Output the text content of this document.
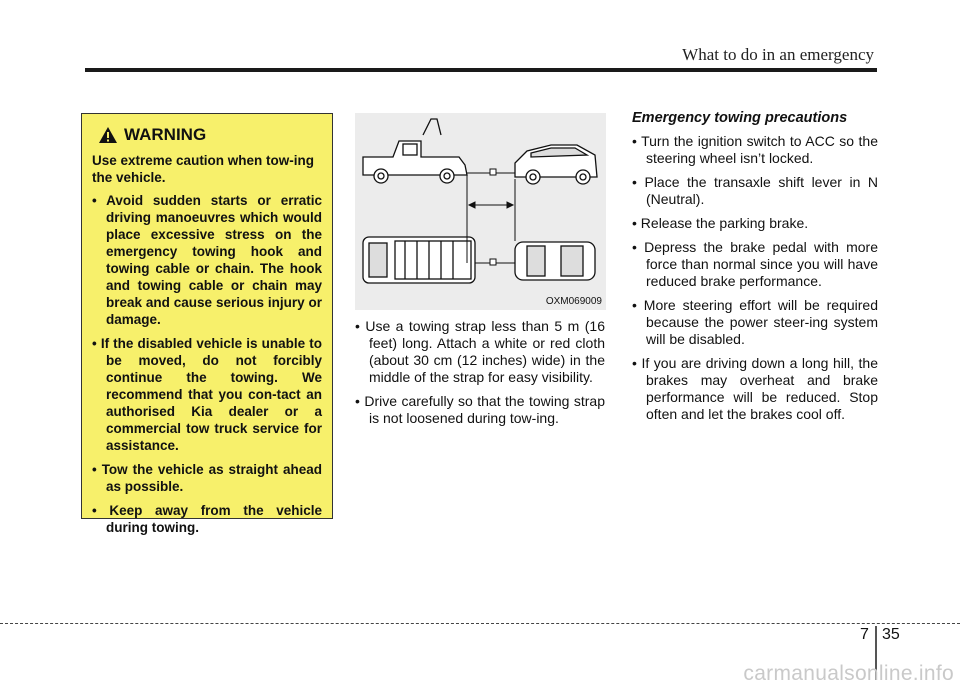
What to do in an emergency
WARNING
Use extreme caution when tow-ing the vehicle.
• Avoid sudden starts or erratic driving manoeuvres which would place excessive stress on the emergency towing hook and towing cable or chain. The hook and towing cable or chain may break and cause serious injury or damage.
• If the disabled vehicle is unable to be moved, do not forcibly continue the towing. We recommend that you con-tact an authorised Kia dealer or a commercial tow truck service for assistance.
• Tow the vehicle as straight ahead as possible.
• Keep away from the vehicle during towing.
OXM069009
• Use a towing strap less than 5 m (16 feet) long. Attach a white or red cloth (about 30 cm (12 inches) wide) in the middle of the strap for easy visibility.
• Drive carefully so that the towing strap is not loosened during tow-ing.
Emergency towing precautions
• Turn the ignition switch to ACC so the steering wheel isn’t locked.
• Place the transaxle shift lever in N (Neutral).
• Release the parking brake.
• Depress the brake pedal with more force than normal since you will have reduced brake performance.
• More steering effort will be required because the power steer-ing system will be disabled.
• If you are driving down a long hill, the brakes may overheat and brake performance will be reduced. Stop often and let the brakes cool off.
7 35
carmanualsonline.info
